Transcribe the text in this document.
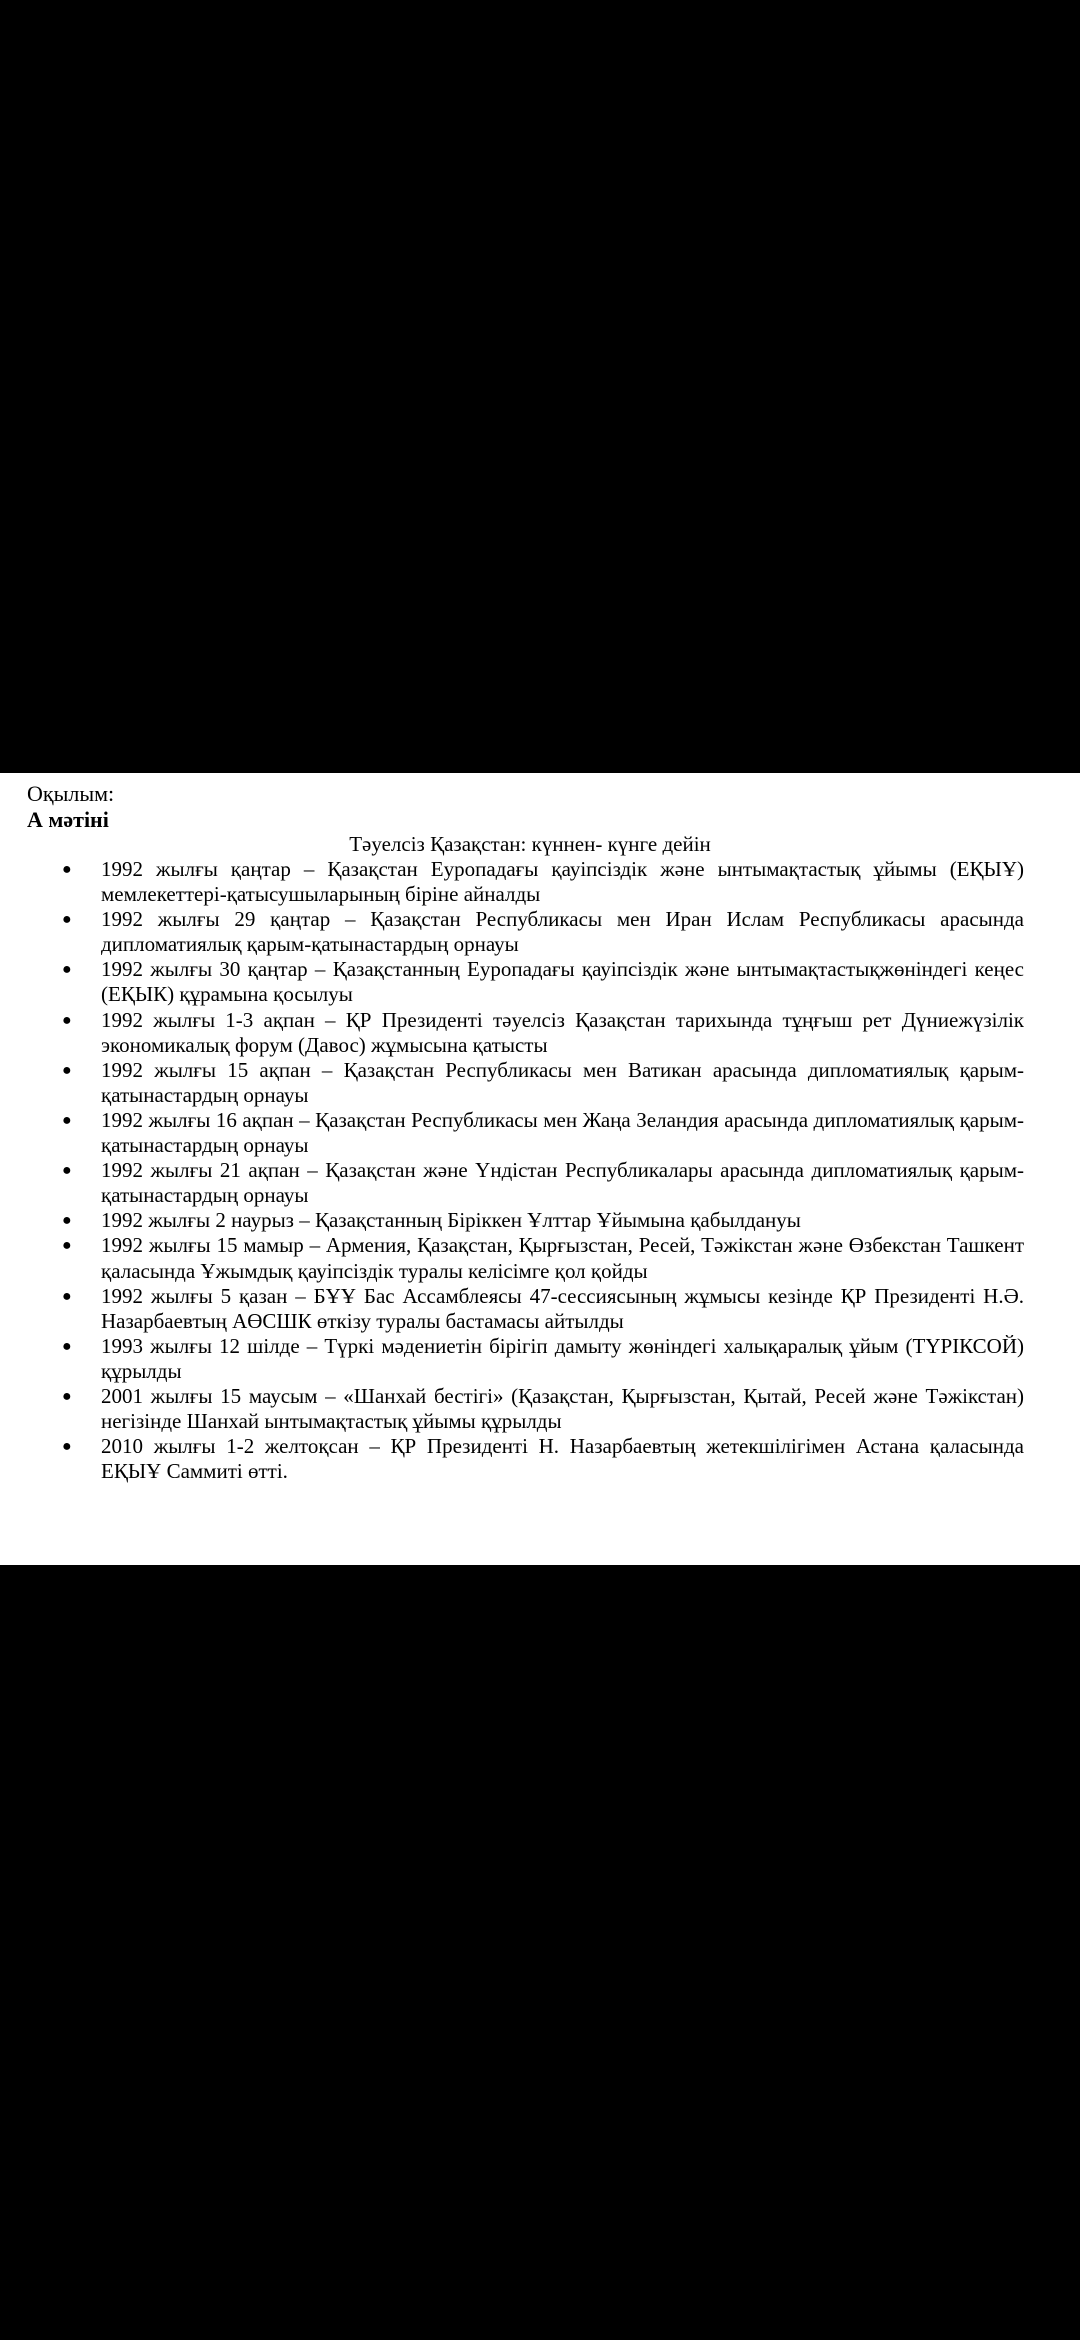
Оқылым:
А мәтіні
Тәуелсіз Қазақстан: күннен- күнге дейін
● 1992 жылғы қаңтар – Қазақстан Еуропадағы қауіпсіздік және ынтымақтастық ұйымы (ЕҚЫҰ) мемлекеттері-қатысушыларының біріне айналды
● 1992 жылғы 29 қаңтар – Қазақстан Республикасы мен Иран Ислам Республикасы арасында дипломатиялық қарым-қатынастардың орнауы
● 1992 жылғы 30 қаңтар – Қазақстанның Еуропадағы қауіпсіздік және ынтымақтастықжөніндегі кеңес (ЕҚЫК) құрамына қосылуы
● 1992 жылғы 1-3 ақпан – ҚР Президенті тәуелсіз Қазақстан тарихында тұңғыш рет Дүниежүзілік экономикалық форум (Давос) жұмысына қатысты
● 1992 жылғы 15 ақпан – Қазақстан Республикасы мен Ватикан арасында дипломатиялық қарым-қатынастардың орнауы
● 1992 жылғы 16 ақпан – Қазақстан Республикасы мен Жаңа Зеландия арасында дипломатиялық қарым-қатынастардың орнауы
● 1992 жылғы 21 ақпан – Қазақстан және Үндістан Республикалары арасында дипломатиялық қарым-қатынастардың орнауы
● 1992 жылғы 2 наурыз – Қазақстанның Біріккен Ұлттар Ұйымына қабылдануы
● 1992 жылғы 15 мамыр – Армения, Қазақстан, Қырғызстан, Ресей, Тәжікстан және Өзбекстан Ташкент қаласында Ұжымдық қауіпсіздік туралы келісімге қол қойды
● 1992 жылғы 5 қазан – БҰҰ Бас Ассамблеясы 47-сессиясының жұмысы кезінде ҚР Президенті Н.Ә. Назарбаевтың АӨСШК өткізу туралы бастамасы айтылды
● 1993 жылғы 12 шілде – Түркі мәдениетін бірігіп дамыту жөніндегі халықаралық ұйым (ТҮРІКСОЙ) құрылды
● 2001 жылғы 15 маусым – «Шанхай бестігі» (Қазақстан, Қырғызстан, Қытай, Ресей және Тәжікстан) негізінде Шанхай ынтымақтастық ұйымы құрылды
● 2010 жылғы 1-2 желтоқсан – ҚР Президенті Н. Назарбаевтың жетекшілігімен Астана қаласында ЕҚЫҰ Саммиті өтті.
